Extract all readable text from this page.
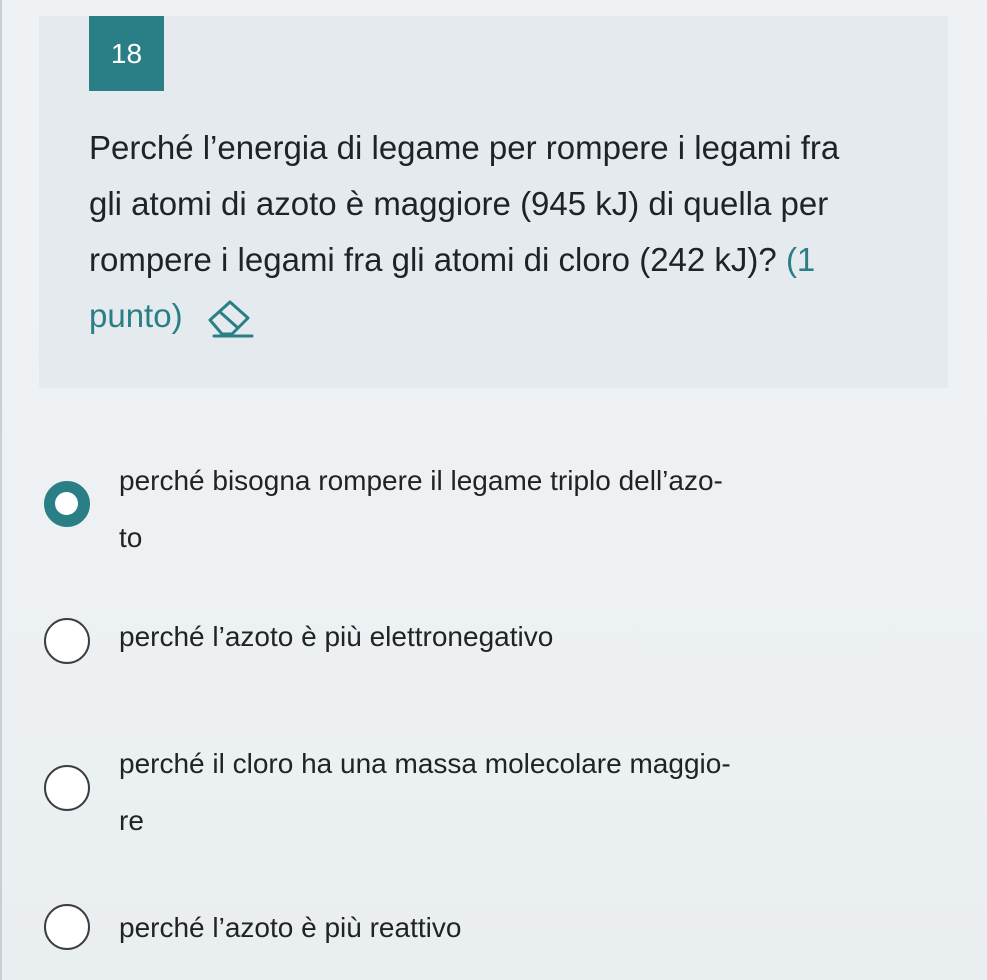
18
Perché l’energia di legame per rompere i legami fra gli atomi di azoto è maggiore (945 kJ) di quella per rompere i legami fra gli atomi di cloro (242 kJ)? (1 punto)
perché bisogna rompere il legame triplo dell’azo-
to
perché l’azoto è più elettronegativo
perché il cloro ha una massa molecolare maggio-
re
perché l’azoto è più reattivo
